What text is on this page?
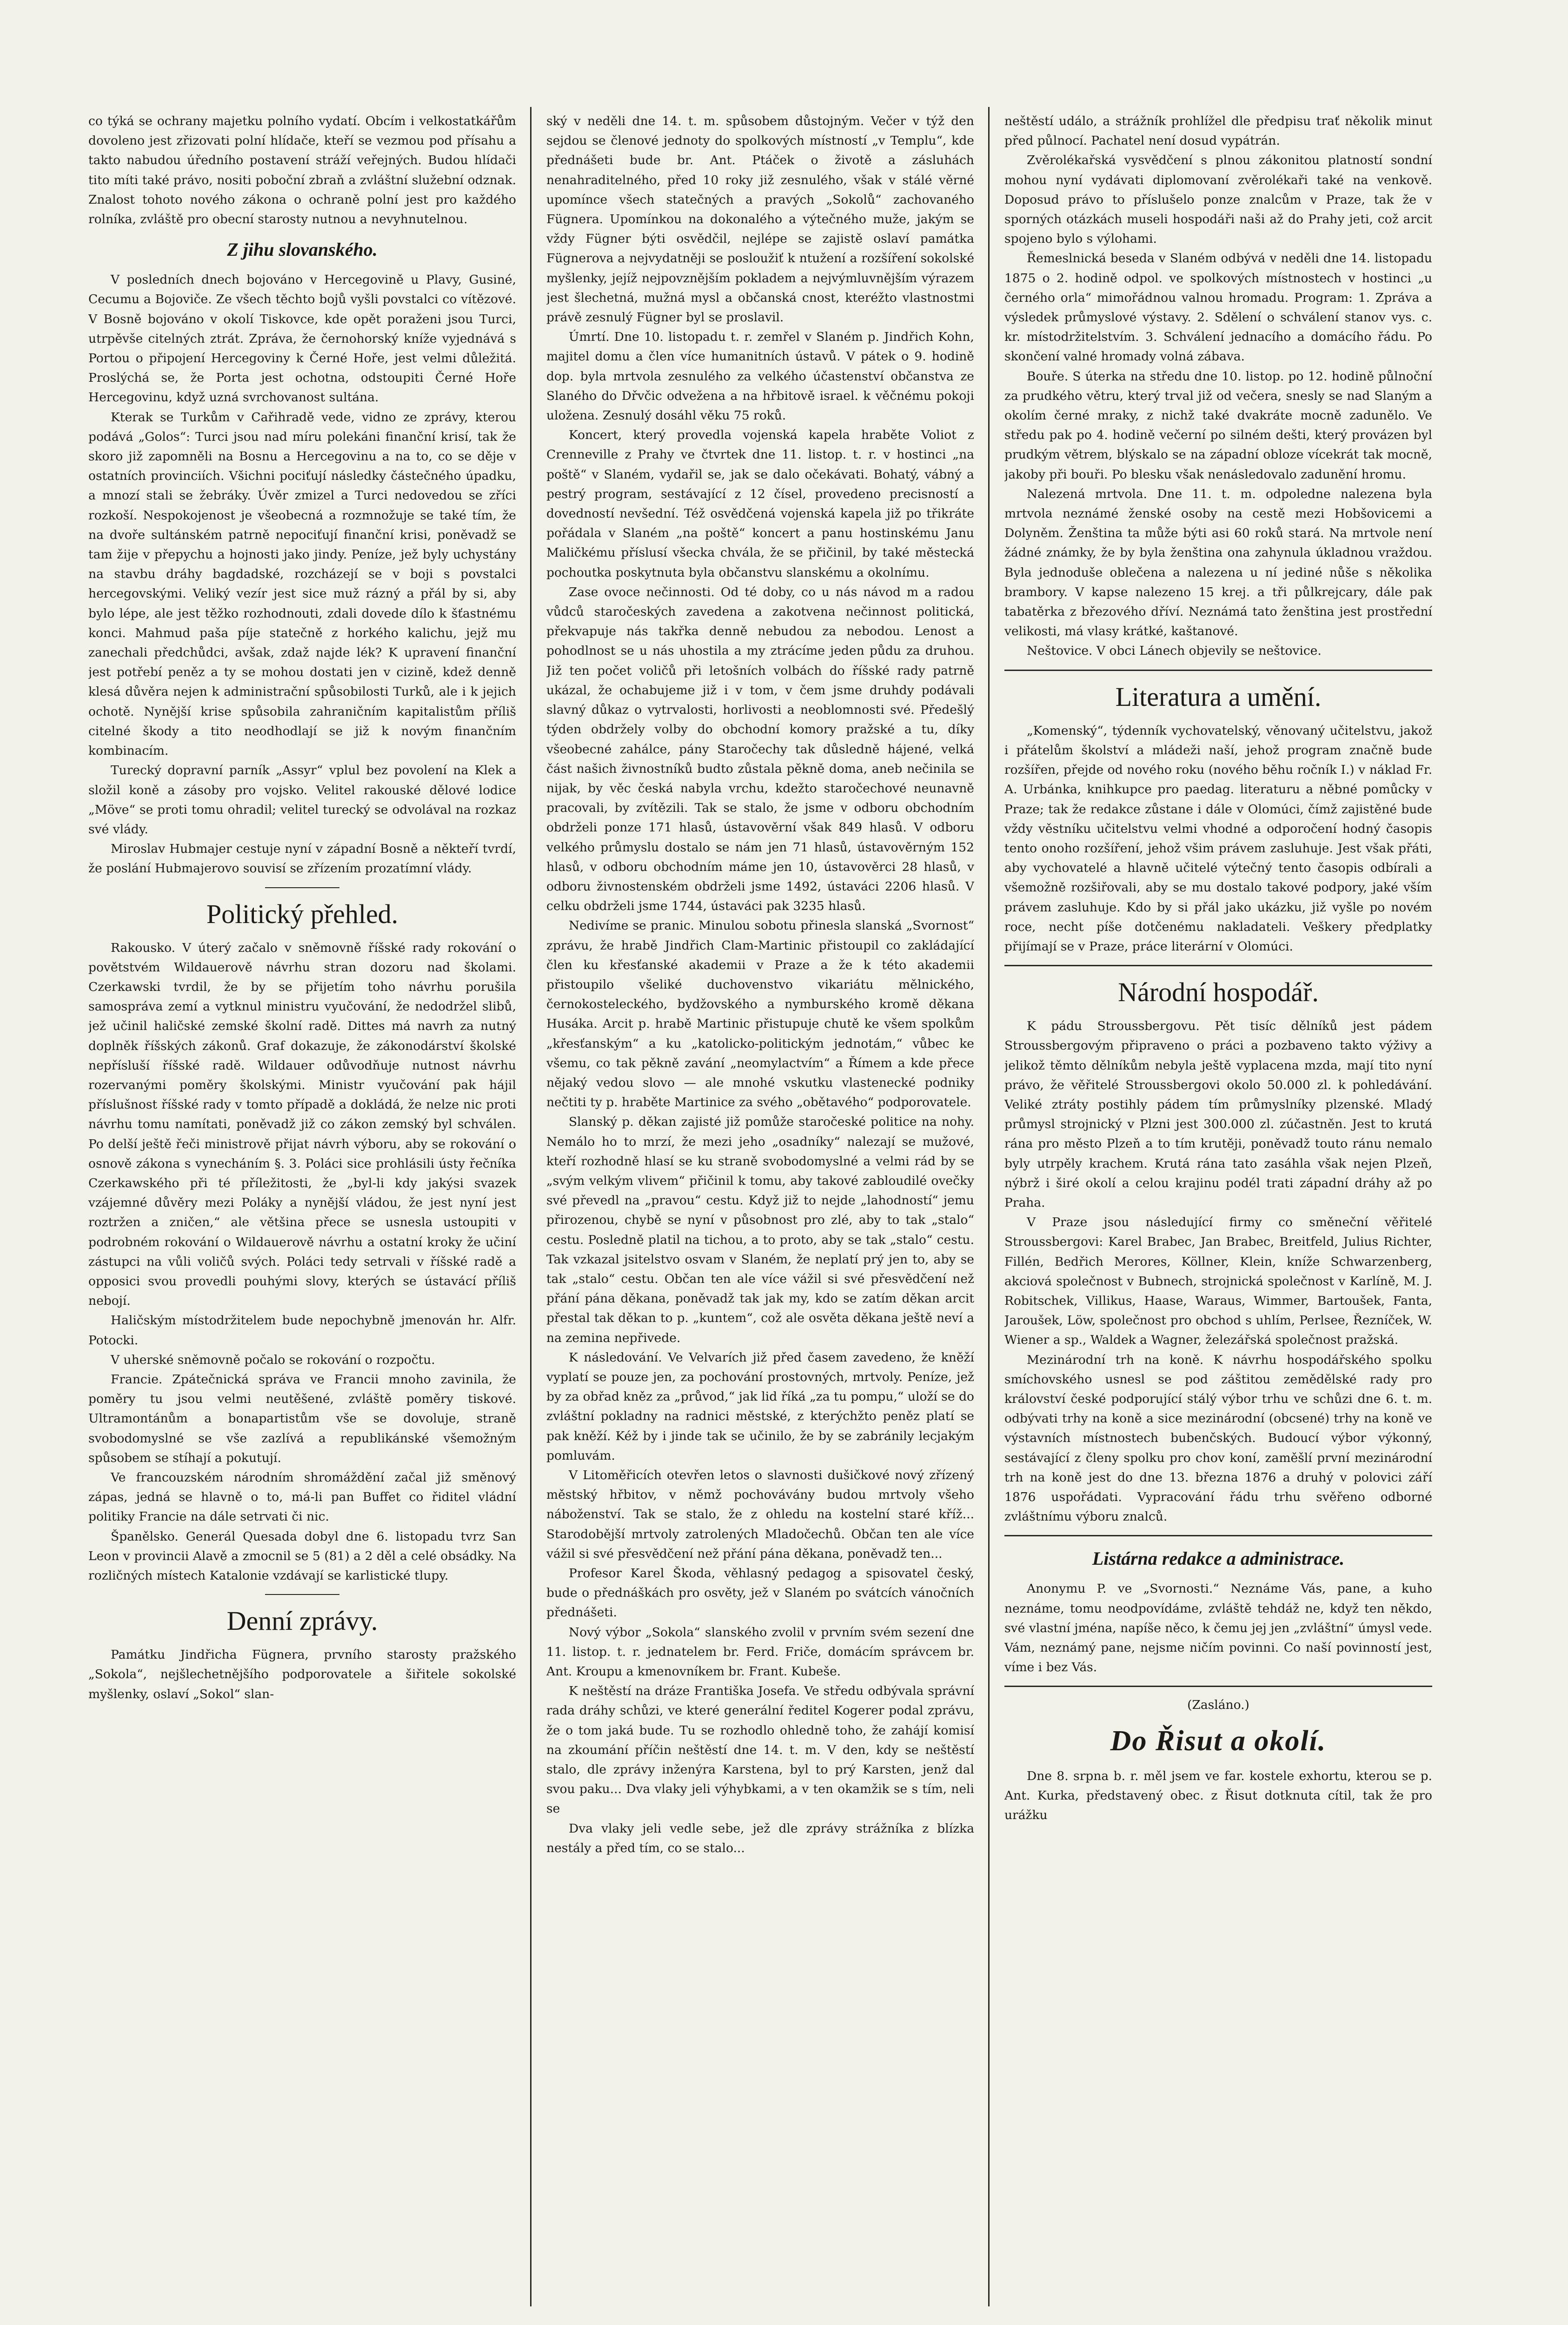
co týká se ochrany majetku polního vydatí. Obcím i velkostatkářům dovoleno jest zřizovati polní hlídače, kteří se vezmou pod přísahu a takto nabudou úředního postavení stráží veřejných. Budou hlídači tito míti také právo, nositi poboční zbraň a zvláštní služební odznak. Znalost tohoto nového zákona o ochraně polní jest pro každého rolníka, zvláště pro obecní starosty nutnou a nevyhnutelnou.

Z jihu slovanského.

V posledních dnech bojováno v Hercegovině u Plavy, Gusiné, Cecumu a Bojoviče. Ze všech těchto bojů vyšli povstalci co vítězové. V Bosně bojováno v okolí Tiskovce, kde opět poraženi jsou Turci, utrpěvše citelných ztrát. Zpráva, že černohorský kníže vyjednává s Portou o připojení Hercegoviny k Černé Hoře, jest velmi důležitá. Proslýchá se, že Porta jest ochotna, odstoupiti Černé Hoře Hercegovinu, když uzná svrchovanost sultána.

Kterak se Turkům v Cařihradě vede, vidno ze zprávy, kterou podává „Golos“: Turci jsou nad míru polekáni finanční krisí, tak že skoro již zapomněli na Bosnu a Hercegovinu a na to, co se děje v ostatních provinciích. Všichni pociťují následky částečného úpadku, a mnozí stali se žebráky. Úvěr zmizel a Turci nedovedou se zříci rozkoší. Nespokojenost je všeobecná a rozmnožuje se také tím, že na dvoře sultánském patrně nepociťují finanční krisi, poněvadž se tam žije v přepychu a hojnosti jako jindy. Peníze, jež byly uchystány na stavbu dráhy bagdadské, rozcházejí se v boji s povstalci hercegovskými. Veliký vezír jest sice muž rázný a přál by si, aby bylo lépe, ale jest těžko rozhodnouti, zdali dovede dílo k šťastnému konci. Mahmud paša píje statečně z horkého kalichu, jejž mu zanechali předchůdci, avšak, zdaž najde lék? K upravení finanční jest potřebí peněz a ty se mohou dostati jen v cizině, kdež denně klesá důvěra nejen k administrační spůsobilosti Turků, ale i k jejich ochotě. Nynější krise spůsobila zahraničním kapitalistům příliš citelné škody a tito neodhodlají se již k novým finančním kombinacím.

Turecký dopravní parník „Assyr“ vplul bez povolení na Klek a složil koně a zásoby pro vojsko. Velitel rakouské dělové lodice „Möve“ se proti tomu ohradil; velitel turecký se odvolával na rozkaz své vlády.

Miroslav Hubmajer cestuje nyní v západní Bosně a někteří tvrdí, že poslání Hubmajerovo souvisí se zřízením prozatímní vlády.

Politický přehled.

Rakousko. V úterý začalo v sněmovně říšské rady rokování o povětstvém Wildauerově návrhu stran dozoru nad školami. Czerkawski tvrdil, že by se přijetím toho návrhu porušila samospráva zemí a vytknul ministru vyučování, že nedodržel slibů, jež učinil haličské zemské školní radě. Dittes má navrh za nutný doplněk říšských zákonů. Graf dokazuje, že zákonodárství školské nepřísluší říšské radě. Wildauer odůvodňuje nutnost návrhu rozervanými poměry školskými. Ministr vyučování pak hájil příslušnost říšské rady v tomto případě a dokládá, že nelze nic proti návrhu tomu namítati, poněvadž již co zákon zemský byl schválen. Po delší ještě řeči ministrově přijat návrh výboru, aby se rokování o osnově zákona s vynecháním §. 3. Poláci sice prohlásili ústy řečníka Czerkawského při té příležitosti, že „byl-li kdy jakýsi svazek vzájemné důvěry mezi Poláky a nynější vládou, že jest nyní jest roztržen a zničen,“ ale většina přece se usnesla ustoupiti v podrobném rokování o Wildauerově návrhu a ostatní kroky že učiní zástupci na vůli voličů svých. Poláci tedy setrvali v říšské radě a opposici svou provedli pouhými slovy, kterých se ústavácí příliš nebojí.

Haličským místodržitelem bude nepochybně jmenován hr. Alfr. Potocki.

V uherské sněmovně počalo se rokování o rozpočtu.

Francie. Zpátečnická správa ve Francii mnoho zavinila, že poměry tu jsou velmi neutěšené, zvláště poměry tiskové. Ultramontánům a bonapartistům vše se dovoluje, straně svobodomyslné se vše zazlívá a republikánské všemožným spůsobem se stíhají a pokutují.

Ve francouzském národním shromáždění začal již směnový zápas, jedná se hlavně o to, má-li pan Buffet co řiditel vládní politiky Francie na dále setrvati či nic.

Španělsko. Generál Quesada dobyl dne 6. listopadu tvrz San Leon v provincii Alavě a zmocnil se 5 (81) a 2 děl a celé obsádky. Na rozličných místech Katalonie vzdávají se karlistické tlupy.

Denní zprávy.

Památku Jindřicha Fügnera, prvního starosty pražského „Sokola“, nejšlechetnějšího podporovatele a šiřitele sokolské myšlenky, oslaví „Sokol“ slan-

ský v neděli dne 14. t. m. spůsobem důstojným. Večer v týž den sejdou se členové jednoty do spolkových místností „v Templu“, kde přednášeti bude br. Ant. Ptáček o životě a zásluhách nenahraditelného, před 10 roky již zesnulého, však v stálé věrné upomínce všech statečných a pravých „Sokolů“ zachovaného Fügnera. Upomínkou na dokonalého a výtečného muže, jakým se vždy Fügner býti osvědčil, nejlépe se zajistě oslaví památka Fügnerova a nejvydatněji se posloužiť k ntužení a rozšíření sokolské myšlenky, jejíž nejpovznějším pokladem a nejvýmluvnějším výrazem jest šlechetná, mužná mysl a občanská cnost, kteréžto vlastnostmi právě zesnulý Fügner byl se proslavil.

Úmrtí. Dne 10. listopadu t. r. zemřel v Slaném p. Jindřich Kohn, majitel domu a člen více humanitních ústavů. V pátek o 9. hodině dop. byla mrtvola zesnulého za velkého účastenství občanstva ze Slaného do Dřvčic odvežena a na hřbitově israel. k věčnému pokoji uložena. Zesnulý dosáhl věku 75 roků.

Koncert, který provedla vojenská kapela hraběte Voliot z Crenneville z Prahy ve čtvrtek dne 11. listop. t. r. v hostinci „na poště“ v Slaném, vydařil se, jak se dalo očekávati. Bohatý, vábný a pestrý program, sestávající z 12 čísel, provedeno precisností a dovedností nevšední. Též osvědčená vojenská kapela již po třikráte pořádala v Slaném „na poště“ koncert a panu hostinskému Janu Maličkému příslusí všecka chvála, že se přičinil, by také městecká pochoutka poskytnuta byla občanstvu slanskému a okolnímu.

Zase ovoce nečinnosti. Od té doby, co u nás návod m a radou vůdců staročeských zavedena a zakotvena nečinnost politická, překvapuje nás takřka denně nebudou za nebodou. Lenost a pohodlnost se u nás uhostila a my ztrácíme jeden půdu za druhou. Již ten počet voličů při letošních volbách do říšské rady patrně ukázal, že ochabujeme již i v tom, v čem jsme druhdy podávali slavný důkaz o vytrvalosti, horlivosti a neoblomnosti své. Předešlý týden obdržely volby do obchodní komory pražské a tu, díky všeobecné zahálce, pány Staročechy tak důsledně hájené, velká část našich živnostníků budto zůstala pěkně doma, aneb nečinila se nijak, by věc česká nabyla vrchu, kdežto staročechové neunavně pracovali, by zvítězili. Tak se stalo, že jsme v odboru obchodním obdrželi ponze 171 hlasů, ústavověrní však 849 hlasů. V odboru velkého průmyslu dostalo se nám jen 71 hlasů, ústavověrným 152 hlasů, v odboru obchodním máme jen 10, ústavověrci 28 hlasů, v odboru živnostenském obdrželi jsme 1492, ústaváci 2206 hlasů. V celku obdrželi jsme 1744, ústaváci pak 3235 hlasů.

Nedivíme se pranic. Minulou sobotu přinesla slanská „Svornost“ zprávu, že hrabě Jindřich Clam-Martinic přistoupil co zakládající člen ku křesťanské akademii v Praze a že k této akademii přistoupilo všeliké duchovenstvo vikariátu mělnického, černokosteleckého, bydžovského a nymburského kromě děkana Husáka. Arcit p. hrabě Martinic přistupuje chutě ke všem spolkům „křesťanským“ a ku „katolicko-politickým jednotám,“ vůbec ke všemu, co tak pěkně zavání „neomylactvím“ a Římem a kde přece nějaký vedou slovo — ale mnohé vskutku vlastenecké podniky nečtiti ty p. hraběte Martinice za svého „obětavého“ podporovatele.

Slanský p. děkan zajisté již pomůže staročeské politice na nohy. Nemálo ho to mrzí, že mezi jeho „osadníky“ nalezají se mužové, kteří rozhodně hlasí se ku straně svobodomyslné a velmi rád by se „svým velkým vlivem“ přičinil k tomu, aby takové zabloudilé ovečky své převedl na „pravou“ cestu. Když již to nejde „lahodností“ jemu přirozenou, chybě se nyní v působnost pro zlé, aby to tak „stalo“ cestu. Posledně platil na tichou, a to proto, aby se tak „stalo“ cestu. Tak vzkazal jsitelstvo osvam v Slaném, že neplatí prý jen to, aby se tak „stalo“ cestu. Občan ten ale více vážil si své přesvědčení než přání pána děkana, poněvadž tak jak my, kdo se zatím děkan arcit přestal tak děkan to p. „kuntem“, což ale osvěta děkana ještě neví a na zemina nepřivede.

K následování. Ve Velvarích již před časem zavedeno, že kněží vyplatí se pouze jen, za pochování prostovných, mrtvoly. Peníze, jež by za obřad kněz za „průvod,“ jak lid říká „za tu pompu,“ uloží se do zvláštní pokladny na radnici městské, z kterýchžto peněz platí se pak kněží. Kéž by i jinde tak se učinilo, že by se zabránily lecjakým pomluvám.

V Litoměřicích otevřen letos o slavnosti dušičkové nový zřízený městský hřbitov, v němž pochovávány budou mrtvoly všeho náboženství. Tak se stalo, že z ohledu na kostelní staré kříž... Starodobější mrtvoly zatrolených Mladočechů. Občan ten ale více vážil si své přesvědčení než přání pána děkana, poněvadž ten...

Profesor Karel Škoda, věhlasný pedagog a spisovatel český, bude o přednáškách pro osvěty, jež v Slaném po svátcích vánočních přednášeti.

Nový výbor „Sokola“ slanského zvolil v prvním svém sezení dne 11. listop. t. r. jednatelem br. Ferd. Friče, domácím správcem br. Ant. Kroupu a kmenovníkem br. Frant. Kubeše.

K neštěstí na dráze Františka Josefa. Ve středu odbývala správní rada dráhy schůzi, ve které generální ředitel Kogerer podal zprávu, že o tom jaká bude. Tu se rozhodlo ohledně toho, že zahájí komisí na zkoumání příčin neštěstí dne 14. t. m. V den, kdy se neštěstí stalo, dle zprávy inženýra Karstena, byl to prý Karsten, jenž dal svou paku... Dva vlaky jeli výhybkami, a v ten okamžik se s tím, neli se

Dva vlaky jeli vedle sebe, jež dle zprávy strážníka z blízka nestály a před tím, co se stalo...

neštěstí událo, a strážník prohlížel dle předpisu trať několik minut před půlnocí. Pachatel není dosud vypátrán.

Zvěrolékařská vysvědčení s plnou zákonitou platností sondní mohou nyní vydávati diplomovaní zvěrolékaři také na venkově. Doposud právo to příslušelo ponze znalcům v Praze, tak že v sporných otázkách museli hospodáři naši až do Prahy jeti, což arcit spojeno bylo s výlohami.

Řemeslnická beseda v Slaném odbývá v neděli dne 14. listopadu 1875 o 2. hodině odpol. ve spolkových místnostech v hostinci „u černého orla“ mimořádnou valnou hromadu. Program: 1. Zpráva a výsledek průmyslové výstavy. 2. Sdělení o schválení stanov vys. c. kr. místodržitelstvím. 3. Schválení jednacího a domácího řádu. Po skončení valné hromady volná zábava.

Bouře. S úterka na středu dne 10. listop. po 12. hodině půlnoční za prudkého větru, který trval již od večera, snesly se nad Slaným a okolím černé mraky, z nichž také dvakráte mocně zadunělo. Ve středu pak po 4. hodině večerní po silném dešti, který provázen byl prudkým větrem, blýskalo se na západní obloze vícekrát tak mocně, jakoby při bouři. Po blesku však nenásledovalo zadunění hromu.

Nalezená mrtvola. Dne 11. t. m. odpoledne nalezena byla mrtvola neznámé ženské osoby na cestě mezi Hobšovicemi a Dolyněm. Ženština ta může býti asi 60 roků stará. Na mrtvole není žádné známky, že by byla ženština ona zahynula úkladnou vraždou. Byla jednoduše oblečena a nalezena u ní jediné nůše s několika brambory. V kapse nalezeno 15 krej. a tři půlkrejcary, dále pak tabatěrka z březového dříví. Neznámá tato ženština jest prostřední velikosti, má vlasy krátké, kaštanové.

Neštovice. V obci Lánech objevily se neštovice.

Literatura a umění.

„Komenský“, týdenník vychovatelský, věnovaný učitelstvu, jakož i přátelům školství a mládeži naší, jehož program značně bude rozšířen, přejde od nového roku (nového běhu ročník I.) v náklad Fr. A. Urbánka, knihkupce pro paedag. literaturu a něbné pomůcky v Praze; tak že redakce zůstane i dále v Olomúci, čímž zajistěné bude vždy věstníku učitelstvu velmi vhodné a odporočení hodný časopis tento onoho rozšíření, jehož všim právem zasluhuje. Jest však přáti, aby vychovatelé a hlavně učitelé výtečný tento časopis odbírali a všemožně rozšiřovali, aby se mu dostalo takové podpory, jaké vším právem zasluhuje. Kdo by si přál jako ukázku, již vyšle po novém roce, necht píše dotčenému nakladateli. Veškery předplatky přijímají se v Praze, práce literární v Olomúci.

Národní hospodář.

K pádu Stroussbergovu. Pět tisíc dělníků jest pádem Stroussbergovým připraveno o práci a pozbaveno takto výživy a jelikož těmto dělníkům nebyla ještě vyplacena mzda, mají tito nyní právo, že věřitelé Stroussbergovi okolo 50.000 zl. k pohledávání. Veliké ztráty postihly pádem tím průmyslníky plzenské. Mladý průmysl strojnický v Plzni jest 300.000 zl. zúčastněn. Jest to krutá rána pro město Plzeň a to tím krutěji, poněvadž touto ránu nemalo byly utrpěly krachem. Krutá rána tato zasáhla však nejen Plzeň, nýbrž i širé okolí a celou krajinu podél trati západní dráhy až po Praha.

V Praze jsou následující firmy co směneční věřitelé Stroussbergovi: Karel Brabec, Jan Brabec, Breitfeld, Julius Richter, Fillén, Bedřich Merores, Köllner, Klein, kníže Schwarzenberg, akciová společnost v Bubnech, strojnická společnost v Karlíně, M. J. Robitschek, Villikus, Haase, Waraus, Wimmer, Bartoušek, Fanta, Jaroušek, Löw, společnost pro obchod s uhlím, Perlsee, Řezníček, W. Wiener a sp., Waldek a Wagner, železářská společnost pražská.

Mezinárodní trh na koně. K návrhu hospodářského spolku smíchovského usnesl se pod záštitou zemědělské rady pro království české podporující stálý výbor trhu ve schůzi dne 6. t. m. odbývati trhy na koně a sice mezinárodní (obcsené) trhy na koně ve výstavních místnostech bubenčských. Budoucí výbor výkonný, sestávající z členy spolku pro chov koní, zaměšlí první mezinárodní trh na koně jest do dne 13. března 1876 a druhý v polovici září 1876 uspořádati. Vypracování řádu trhu svěřeno odborné zvláštnímu výboru znalců.

Listárna redakce a administrace.

Anonymu P. ve „Svornosti.“ Neznáme Vás, pane, a kuho neznáme, tomu neodpovídáme, zvláště tehdáž ne, když ten někdo, své vlastní jména, napíše něco, k čemu jej jen „zvláštní“ úmysl vede. Vám, neznámý pane, nejsme ničím povinni. Co naší povinností jest, víme i bez Vás.

(Zasláno.)

Do Řisut a okolí.

Dne 8. srpna b. r. měl jsem ve far. kostele exhortu, kterou se p. Ant. Kurka, představený obec. z Řisut dotknuta cítil, tak že pro urážku
